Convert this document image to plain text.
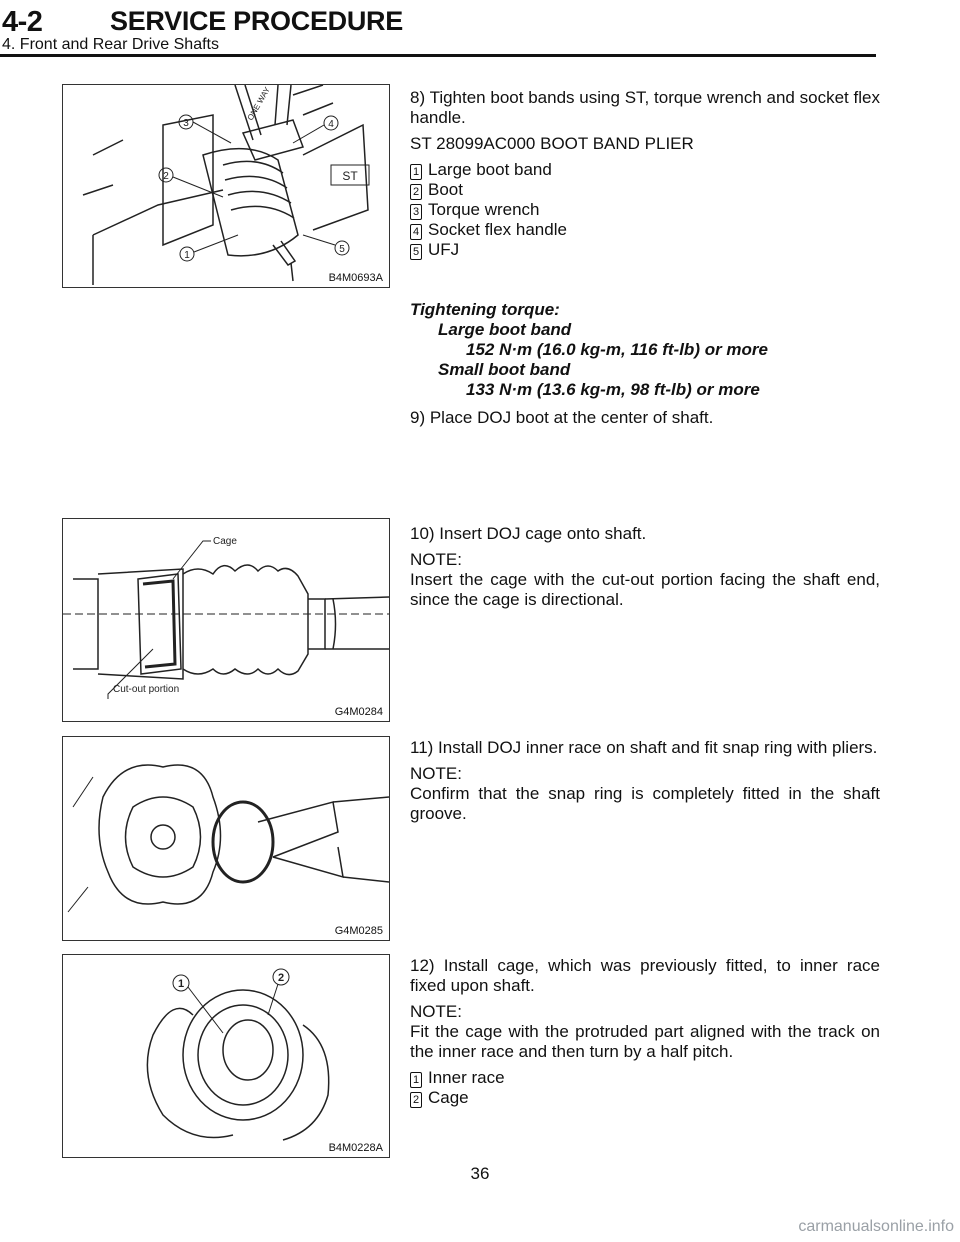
4-2	SERVICE PROCEDURE
4. Front and Rear Drive Shafts
3	4
2
1
5
ST
ONE WAY
B4M0693A

8) Tighten boot bands using ST, torque wrench and socket flex handle.

ST 28099AC000 BOOT BAND PLIER

1 Large boot band
2 Boot
3 Torque wrench
4 Socket flex handle
5 UFJ
Tightening torque:
Large boot band
152 N·m (16.0 kg-m, 116 ft-lb) or more
Small boot band
133 N·m (13.6 kg-m, 98 ft-lb) or more

9) Place DOJ boot at the center of shaft.

Cage
Cut-out portion
G4M0284

10) Insert DOJ cage onto shaft.

NOTE:

Insert the cage with the cut-out portion facing the shaft end, since the cage is directional.

G4M0285

11) Install DOJ inner race on shaft and fit snap ring with pliers.

NOTE:

Confirm that the snap ring is completely fitted in the shaft groove.

1	2
B4M0228A

12) Install cage, which was previously fitted, to inner race fixed upon shaft.

NOTE:

Fit the cage with the protruded part aligned with the track on the inner race and then turn by a half pitch.

1 Inner race
2 Cage
36
carmanualsonline.info
